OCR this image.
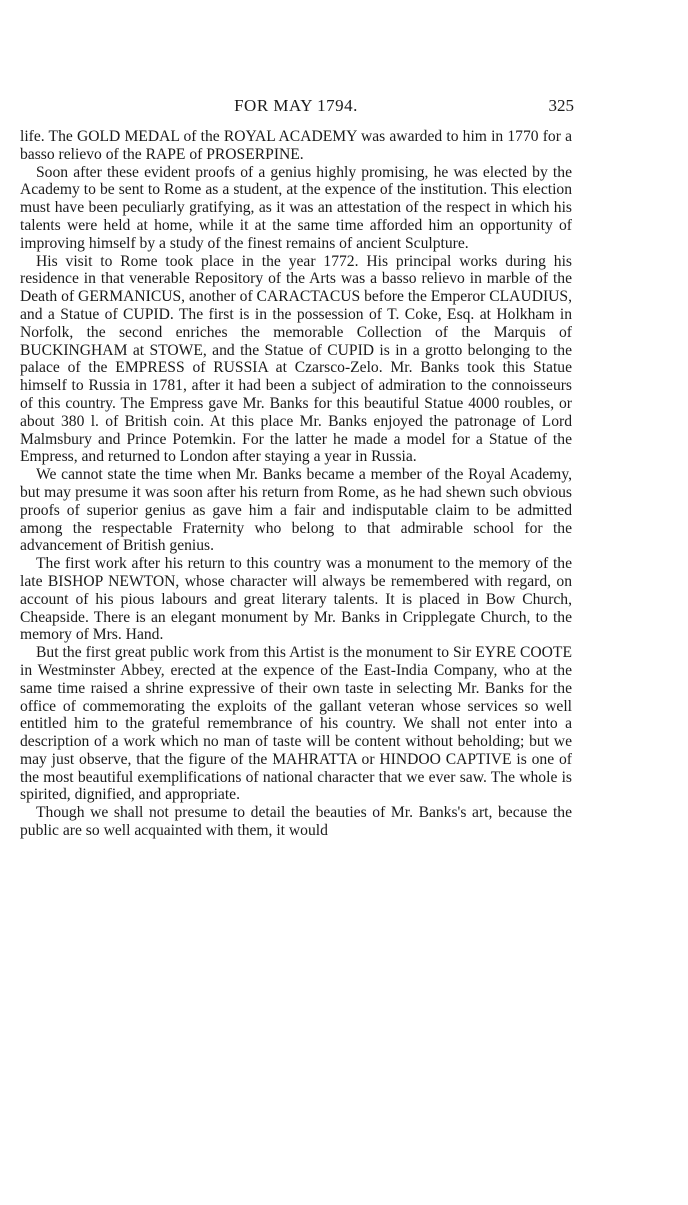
FOR MAY 1794.	325

life. The GOLD MEDAL of the ROYAL ACADEMY was awarded to him in 1770 for a basso relievo of the RAPE of PROSERPINE.

Soon after these evident proofs of a genius highly promising, he was elected by the Academy to be sent to Rome as a student, at the expence of the institution. This election must have been peculiarly gratifying, as it was an attestation of the respect in which his talents were held at home, while it at the same time afforded him an opportunity of improving himself by a study of the finest remains of ancient Sculpture.

His visit to Rome took place in the year 1772. His principal works during his residence in that venerable Repository of the Arts was a basso relievo in marble of the Death of GERMANICUS, another of CARACTACUS before the Emperor CLAUDIUS, and a Statue of CUPID. The first is in the possession of T. Coke, Esq. at Holkham in Norfolk, the second enriches the memorable Collection of the Marquis of BUCKINGHAM at STOWE, and the Statue of CUPID is in a grotto belonging to the palace of the EMPRESS of RUSSIA at Czarsco-Zelo. Mr. Banks took this Statue himself to Russia in 1781, after it had been a subject of admiration to the connoisseurs of this country. The Empress gave Mr. Banks for this beautiful Statue 4000 roubles, or about 380 l. of British coin. At this place Mr. Banks enjoyed the patronage of Lord Malmsbury and Prince Potemkin. For the latter he made a model for a Statue of the Empress, and returned to London after staying a year in Russia.

We cannot state the time when Mr. Banks became a member of the Royal Academy, but may presume it was soon after his return from Rome, as he had shewn such obvious proofs of superior genius as gave him a fair and indisputable claim to be admitted among the respectable Fraternity who belong to that admirable school for the advancement of British genius.

The first work after his return to this country was a monument to the memory of the late BISHOP NEWTON, whose character will always be remembered with regard, on account of his pious labours and great literary talents. It is placed in Bow Church, Cheapside. There is an elegant monument by Mr. Banks in Cripplegate Church, to the memory of Mrs. Hand.

But the first great public work from this Artist is the monument to Sir EYRE COOTE in Westminster Abbey, erected at the expence of the East-India Company, who at the same time raised a shrine expressive of their own taste in selecting Mr. Banks for the office of commemorating the exploits of the gallant veteran whose services so well entitled him to the grateful remembrance of his country. We shall not enter into a description of a work which no man of taste will be content without beholding; but we may just observe, that the figure of the MAHRATTA or HINDOO CAPTIVE is one of the most beautiful exemplifications of national character that we ever saw. The whole is spirited, dignified, and appropriate.

Though we shall not presume to detail the beauties of Mr. Banks's art, because the public are so well acquainted with them, it would
